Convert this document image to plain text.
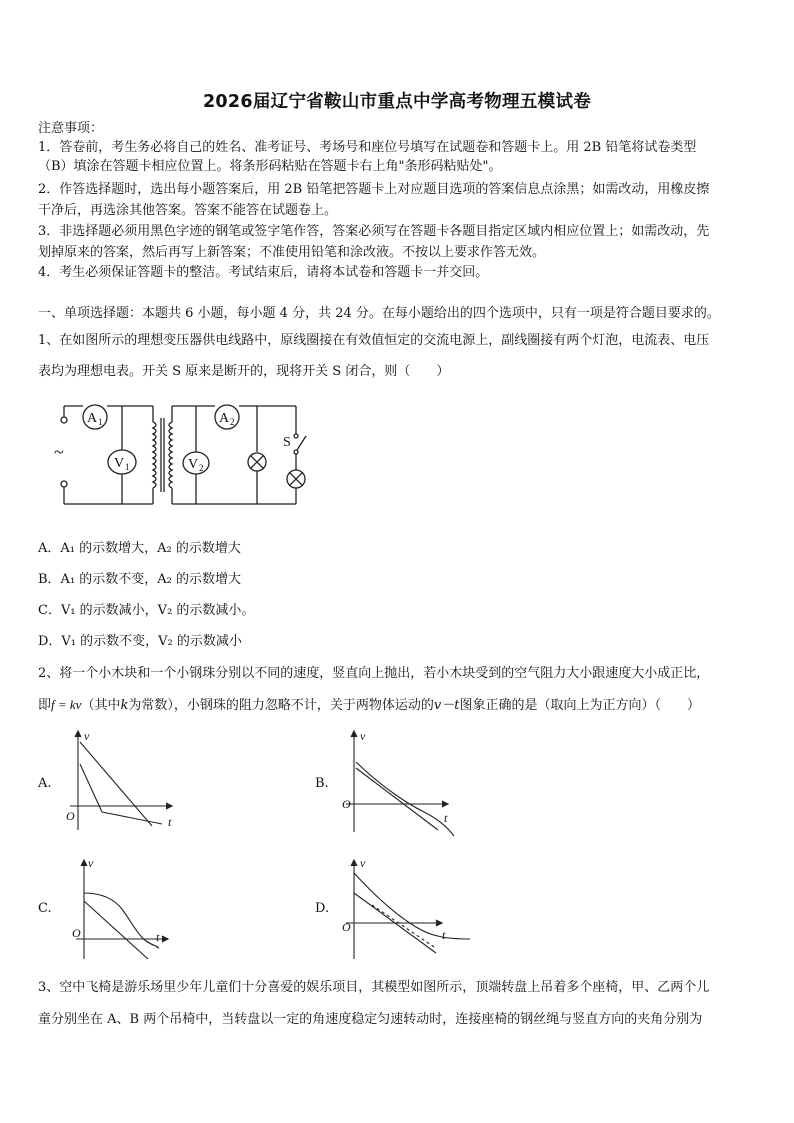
2026届辽宁省鞍山市重点中学高考物理五模试卷
注意事项：
1．答卷前，考生务必将自己的姓名、准考证号、考场号和座位号填写在试题卷和答题卡上。用 2B 铅笔将试卷类型
（B）填涂在答题卡相应位置上。将条形码粘贴在答题卡右上角"条形码粘贴处"。
2．作答选择题时，选出每小题答案后，用 2B 铅笔把答题卡上对应题目选项的答案信息点涂黑；如需改动，用橡皮擦
干净后，再选涂其他答案。答案不能答在试题卷上。
3．非选择题必须用黑色字迹的钢笔或签字笔作答，答案必须写在答题卡各题目指定区域内相应位置上；如需改动，先
划掉原来的答案，然后再写上新答案；不准使用铅笔和涂改液。不按以上要求作答无效。
4．考生必须保证答题卡的整洁。考试结束后，请将本试卷和答题卡一并交回。
一、单项选择题：本题共 6 小题，每小题 4 分，共 24 分。在每小题给出的四个选项中，只有一项是符合题目要求的。
1、在如图所示的理想变压器供电线路中，原线圈接在有效值恒定的交流电源上，副线圈接有两个灯泡，电流表、电压
表均为理想电表。开关 S 原来是断开的，现将开关 S 闭合，则（　　）
~
A 1
V 1
A 2
V 2
S
A．A₁ 的示数增大，A₂ 的示数增大
B．A₁ 的示数不变，A₂ 的示数增大
C．V₁ 的示数减小，V₂ 的示数减小。
D．V₁ 的示数不变，V₂ 的示数减小
2、将一个小木块和一个小钢珠分别以不同的速度，竖直向上抛出，若小木块受到的空气阻力大小跟速度大小成正比，
即f = kv（其中k为常数），小钢珠的阻力忽略不计，关于两物体运动的v－t图象正确的是（取向上为正方向）（　　）
A.
v
t
O
B.
v
t
O
C.
v
t
O
D.
v
t
O
3、空中飞椅是游乐场里少年儿童们十分喜爱的娱乐项目，其模型如图所示，顶端转盘上吊着多个座椅，甲、乙两个儿
童分别坐在 A、B 两个吊椅中，当转盘以一定的角速度稳定匀速转动时，连接座椅的钢丝绳与竖直方向的夹角分别为
